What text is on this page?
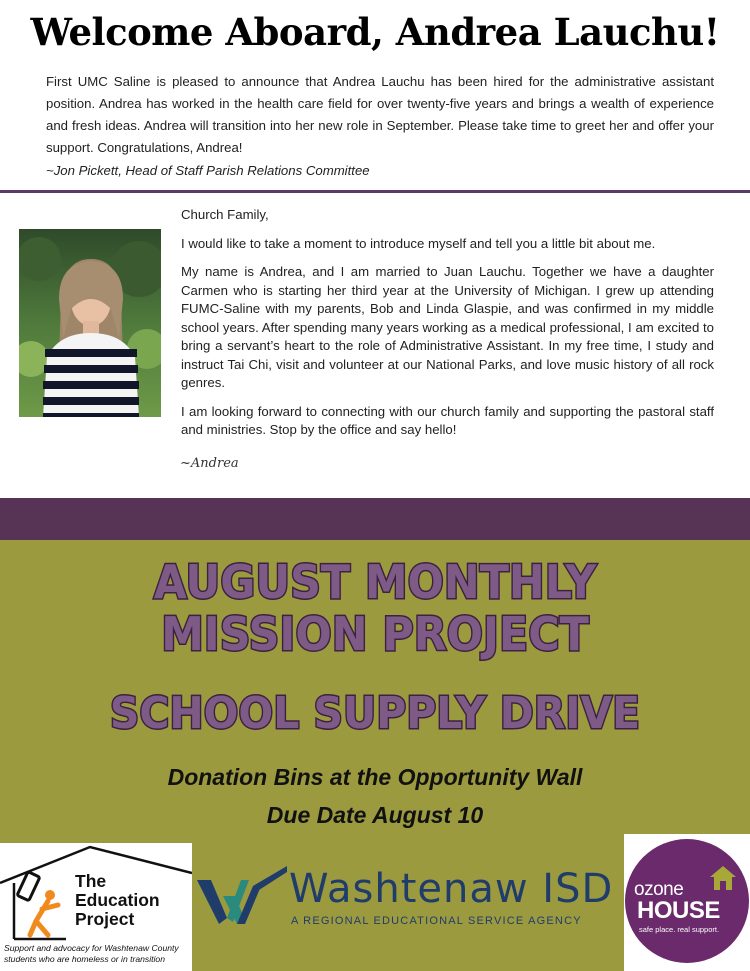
Welcome Aboard, Andrea Lauchu!

First UMC Saline is pleased to announce that Andrea Lauchu has been hired for the administrative assistant position. Andrea has worked in the health care field for over twenty-five years and brings a wealth of experience and fresh ideas. Andrea will transition into her new role in September. Please take time to greet her and offer your support. Congratulations, Andrea!

~Jon Pickett, Head of Staff Parish Relations Committee

Church Family,

I would like to take a moment to introduce myself and tell you a little bit about me.

My name is Andrea, and I am married to Juan Lauchu. Together we have a daughter Carmen who is starting her third year at the University of Michigan. I grew up attending FUMC-Saline with my parents, Bob and Linda Glaspie, and was confirmed in my middle school years. After spending many years working as a medical professional, I am excited to bring a servant’s heart to the role of Administrative Assistant. In my free time, I study and instruct Tai Chi, visit and volunteer at our National Parks, and love music history of all rock genres.

I am looking forward to connecting with our church family and supporting the pastoral staff and ministries. Stop by the office and say hello!

~Andrea
AUGUST MONTHLY
MISSION PROJECT
SCHOOL SUPPLY DRIVE
Donation Bins at the Opportunity Wall
Due Date August 10
The
Education
Project
Support and advocacy for Washtenaw County students who are homeless or in transition
Washtenaw ISD
A REGIONAL EDUCATIONAL SERVICE AGENCY
ozone
HOUSE
safe place. real support.
